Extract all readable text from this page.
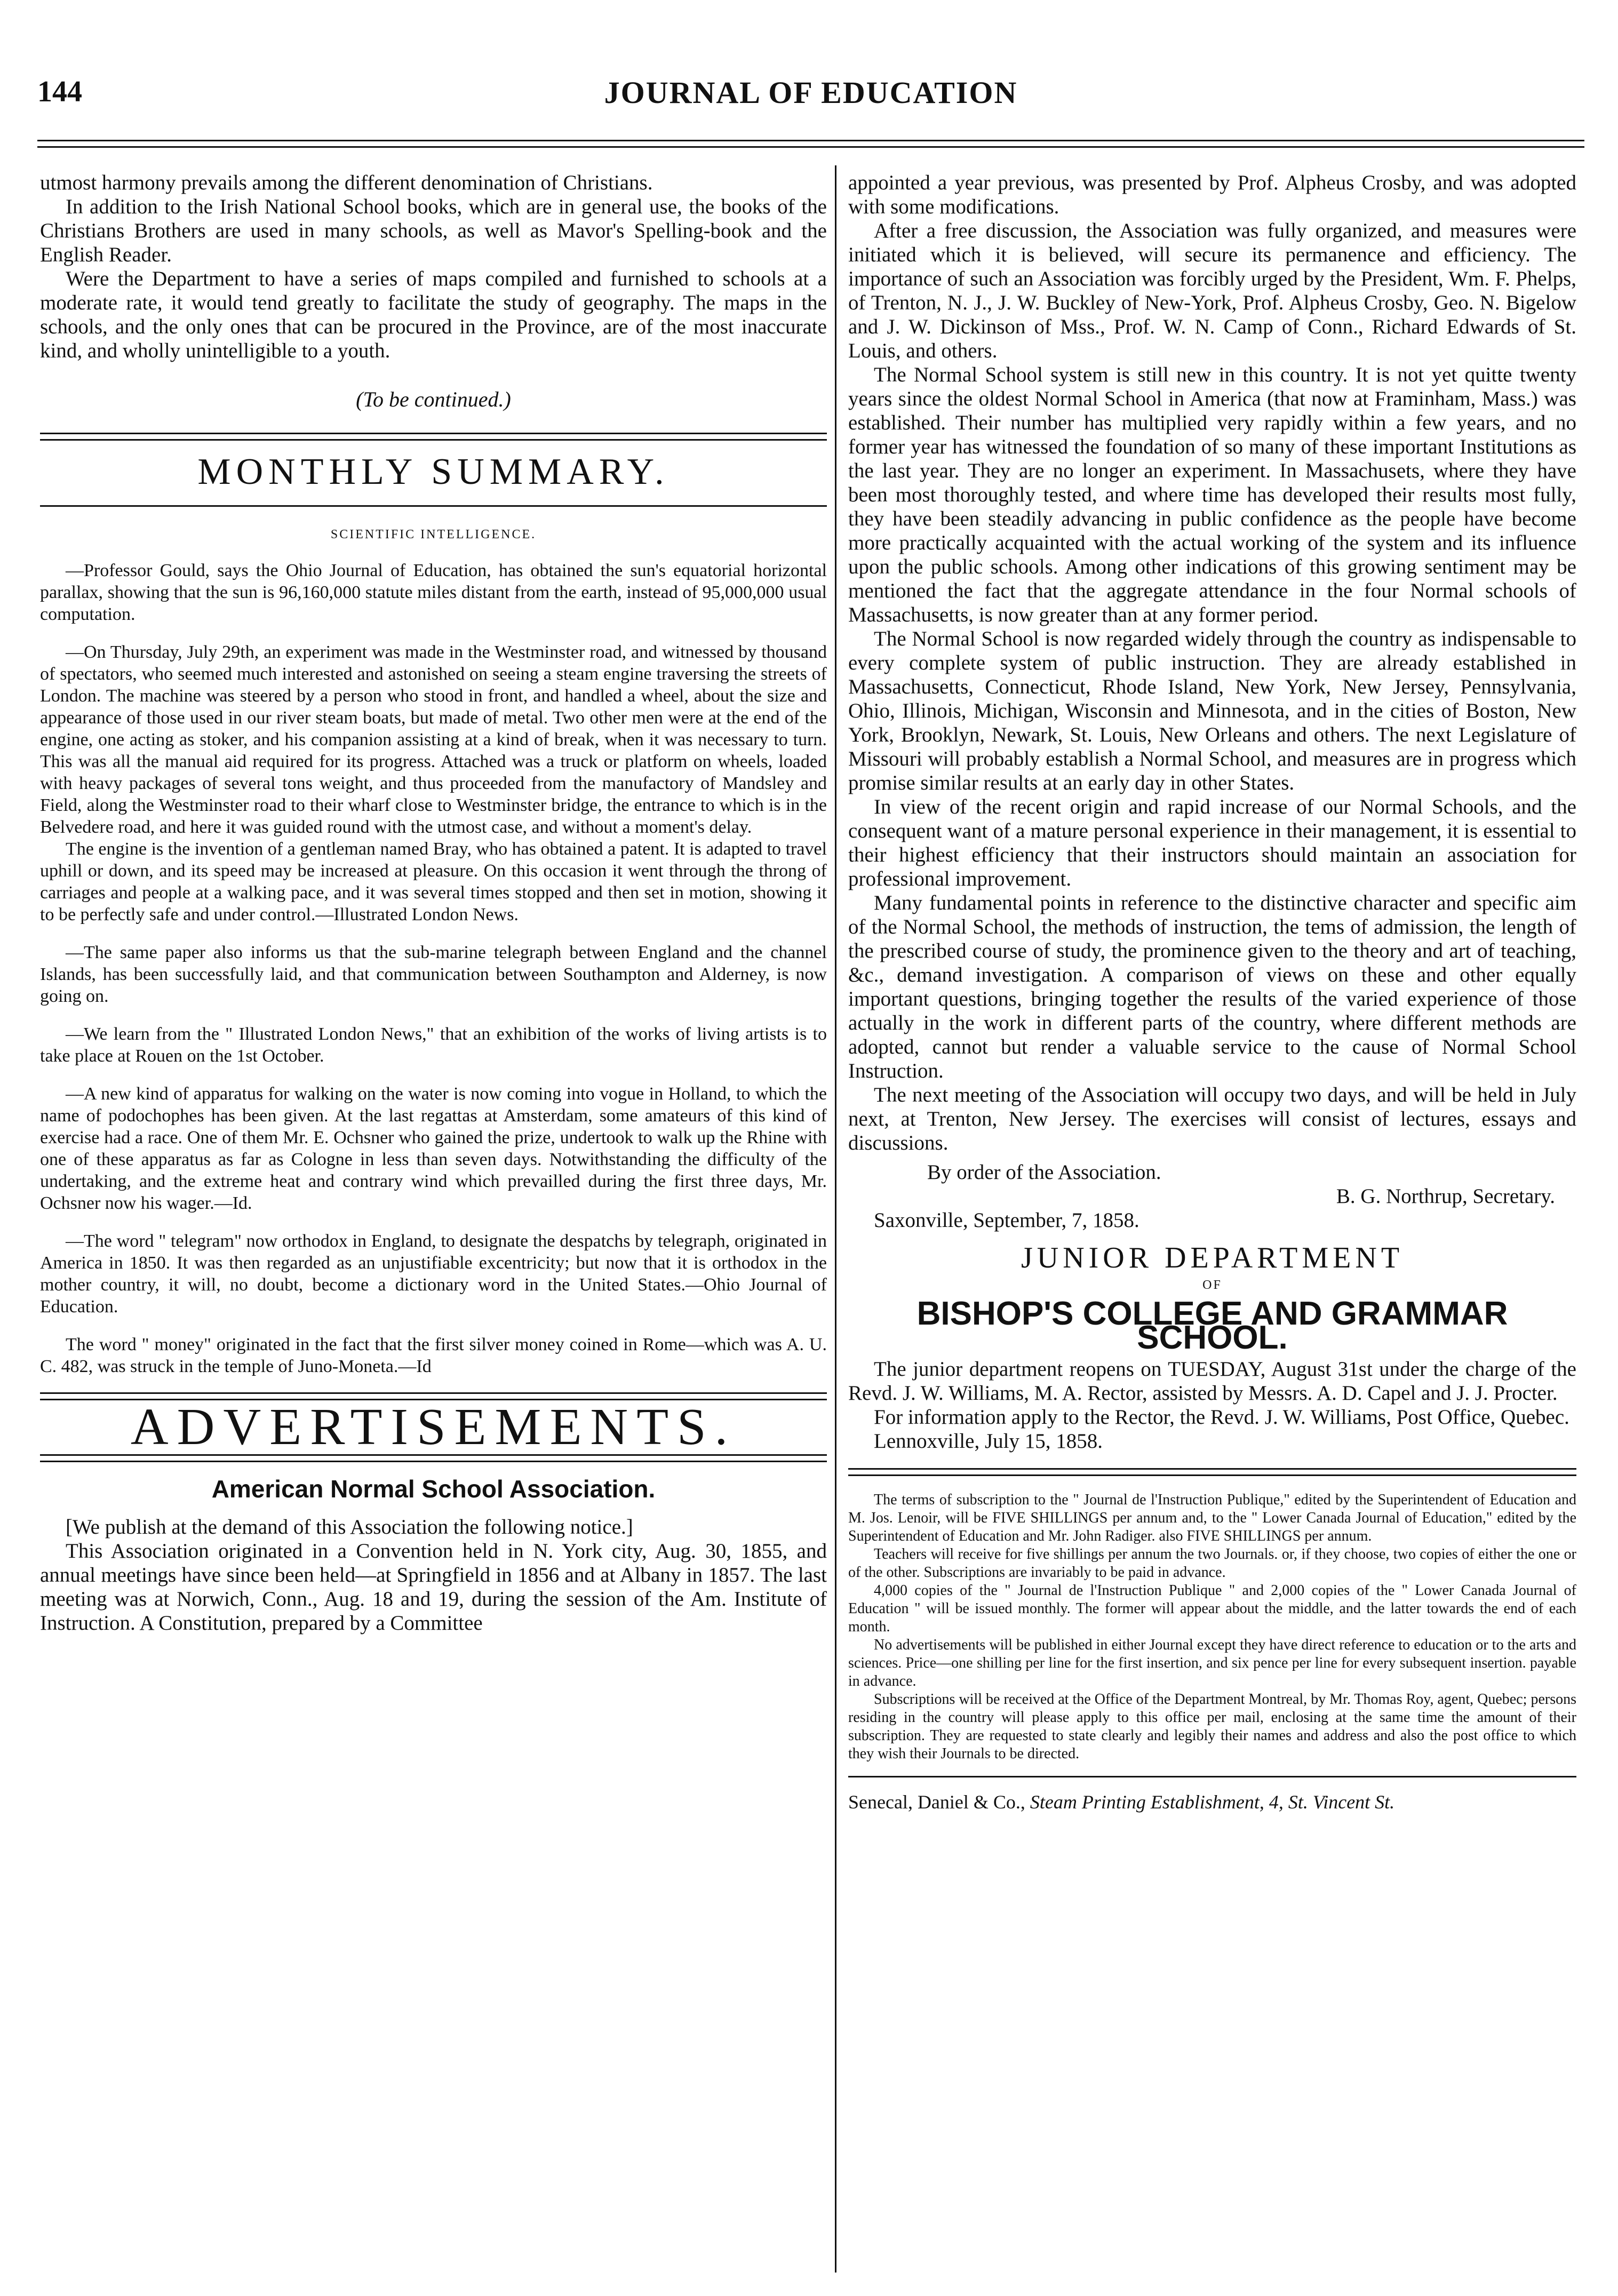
144	JOURNAL OF EDUCATION

utmost harmony prevails among the different denomination of Christians.

In addition to the Irish National School books, which are in general use, the books of the Christians Brothers are used in many schools, as well as Mavor's Spelling-book and the English Reader.

Were the Department to have a series of maps compiled and furnished to schools at a moderate rate, it would tend greatly to facilitate the study of geography. The maps in the schools, and the only ones that can be procured in the Province, are of the most inaccurate kind, and wholly unintelligible to a youth.

(To be continued.)

MONTHLY SUMMARY.
SCIENTIFIC INTELLIGENCE.

—Professor Gould, says the Ohio Journal of Education, has obtained the sun's equatorial horizontal parallax, showing that the sun is 96,160,000 statute miles distant from the earth, instead of 95,000,000 usual computation.

—On Thursday, July 29th, an experiment was made in the Westminster road, and witnessed by thousand of spectators, who seemed much interested and astonished on seeing a steam engine traversing the streets of London. The machine was steered by a person who stood in front, and handled a wheel, about the size and appearance of those used in our river steam boats, but made of metal. Two other men were at the end of the engine, one acting as stoker, and his companion assisting at a kind of break, when it was necessary to turn. This was all the manual aid required for its progress. Attached was a truck or platform on wheels, loaded with heavy packages of several tons weight, and thus proceeded from the manufactory of Mandsley and Field, along the Westminster road to their wharf close to Westminster bridge, the entrance to which is in the Belvedere road, and here it was guided round with the utmost case, and without a moment's delay.

The engine is the invention of a gentleman named Bray, who has obtained a patent. It is adapted to travel uphill or down, and its speed may be increased at pleasure. On this occasion it went through the throng of carriages and people at a walking pace, and it was several times stopped and then set in motion, showing it to be perfectly safe and under control.—Illustrated London News.

—The same paper also informs us that the sub-marine telegraph between England and the channel Islands, has been successfully laid, and that communication between Southampton and Alderney, is now going on.

—We learn from the " Illustrated London News," that an exhibition of the works of living artists is to take place at Rouen on the 1st October.

—A new kind of apparatus for walking on the water is now coming into vogue in Holland, to which the name of podochophes has been given. At the last regattas at Amsterdam, some amateurs of this kind of exercise had a race. One of them Mr. E. Ochsner who gained the prize, undertook to walk up the Rhine with one of these apparatus as far as Cologne in less than seven days. Notwithstanding the difficulty of the undertaking, and the extreme heat and contrary wind which prevailled during the first three days, Mr. Ochsner now his wager.—Id.

—The word " telegram" now orthodox in England, to designate the despatchs by telegraph, originated in America in 1850. It was then regarded as an unjustifiable excentricity; but now that it is orthodox in the mother country, it will, no doubt, become a dictionary word in the United States.—Ohio Journal of Education.

The word " money" originated in the fact that the first silver money coined in Rome—which was A. U. C. 482, was struck in the temple of Juno-Moneta.—Id

ADVERTISEMENTS.
American Normal School Association.

[We publish at the demand of this Association the following notice.]

This Association originated in a Convention held in N. York city, Aug. 30, 1855, and annual meetings have since been held—at Springfield in 1856 and at Albany in 1857. The last meeting was at Norwich, Conn., Aug. 18 and 19, during the session of the Am. Institute of Instruction. A Constitution, prepared by a Committee

appointed a year previous, was presented by Prof. Alpheus Crosby, and was adopted with some modifications.

After a free discussion, the Association was fully organized, and measures were initiated which it is believed, will secure its permanence and efficiency. The importance of such an Association was forcibly urged by the President, Wm. F. Phelps, of Trenton, N. J., J. W. Buckley of New-York, Prof. Alpheus Crosby, Geo. N. Bigelow and J. W. Dickinson of Mss., Prof. W. N. Camp of Conn., Richard Edwards of St. Louis, and others.

The Normal School system is still new in this country. It is not yet quitte twenty years since the oldest Normal School in America (that now at Framinham, Mass.) was established. Their number has multiplied very rapidly within a few years, and no former year has witnessed the foundation of so many of these important Institutions as the last year. They are no longer an experiment. In Massachusets, where they have been most thoroughly tested, and where time has developed their results most fully, they have been steadily advancing in public confidence as the people have become more practically acquainted with the actual working of the system and its influence upon the public schools. Among other indications of this growing sentiment may be mentioned the fact that the aggregate attendance in the four Normal schools of Massachusetts, is now greater than at any former period.

The Normal School is now regarded widely through the country as indispensable to every complete system of public instruction. They are already established in Massachusetts, Connecticut, Rhode Island, New York, New Jersey, Pennsylvania, Ohio, Illinois, Michigan, Wisconsin and Minnesota, and in the cities of Boston, New York, Brooklyn, Newark, St. Louis, New Orleans and others. The next Legislature of Missouri will probably establish a Normal School, and measures are in progress which promise similar results at an early day in other States.

In view of the recent origin and rapid increase of our Normal Schools, and the consequent want of a mature personal experience in their management, it is essential to their highest efficiency that their instructors should maintain an association for professional improvement.

Many fundamental points in reference to the distinctive character and specific aim of the Normal School, the methods of instruction, the tems of admission, the length of the prescribed course of study, the prominence given to the theory and art of teaching, &c., demand investigation. A comparison of views on these and other equally important questions, bringing together the results of the varied experience of those actually in the work in different parts of the country, where different methods are adopted, cannot but render a valuable service to the cause of Normal School Instruction.

The next meeting of the Association will occupy two days, and will be held in July next, at Trenton, New Jersey. The exercises will consist of lectures, essays and discussions.

By order of the Association.

B. G. Northrup, Secretary.

Saxonville, September, 7, 1858.

JUNIOR DEPARTMENT
OF
BISHOP'S COLLEGE AND GRAMMAR SCHOOL.

The junior department reopens on TUESDAY, August 31st under the charge of the Revd. J. W. Williams, M. A. Rector, assisted by Messrs. A. D. Capel and J. J. Procter.

For information apply to the Rector, the Revd. J. W. Williams, Post Office, Quebec.

Lennoxville, July 15, 1858.

The terms of subscription to the " Journal de l'Instruction Publique," edited by the Superintendent of Education and M. Jos. Lenoir, will be FIVE SHILLINGS per annum and, to the " Lower Canada Journal of Education," edited by the Superintendent of Education and Mr. John Radiger. also FIVE SHILLINGS per annum.

Teachers will receive for five shillings per annum the two Journals. or, if they choose, two copies of either the one or of the other. Subscriptions are invariably to be paid in advance.

4,000 copies of the " Journal de l'Instruction Publique " and 2,000 copies of the " Lower Canada Journal of Education " will be issued monthly. The former will appear about the middle, and the latter towards the end of each month.

No advertisements will be published in either Journal except they have direct reference to education or to the arts and sciences. Price—one shilling per line for the first insertion, and six pence per line for every subsequent insertion. payable in advance.

Subscriptions will be received at the Office of the Department Montreal, by Mr. Thomas Roy, agent, Quebec; persons residing in the country will please apply to this office per mail, enclosing at the same time the amount of their subscription. They are requested to state clearly and legibly their names and address and also the post office to which they wish their Journals to be directed.

Senecal, Daniel & Co., Steam Printing Establishment, 4, St. Vincent St.
